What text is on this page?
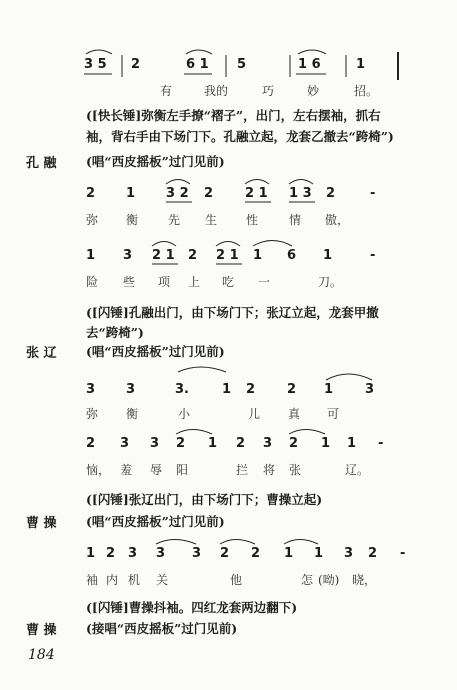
3 5 2	6 1 5	1 6	1
有	我的	巧	妙	招。
([快长锤]弥衡左手撩“褶子”，出门，左右摆袖，抓右
袖，背右手由下场门下。孔融立起，龙套乙撤去“跨椅”)
孔 融 (唱“西皮摇板”过门见前)
2 1 3 2 2 2 1 1 3 2	-
弥 衡 先 生 性	情 傲，
1 3 2 1 2 2 1 1 6 1	-
险 些 项 上 吃 一	刀。
([闪锤]孔融出门，由下场门下；张辽立起，龙套甲撤
去“跨椅”)
张 辽 (唱“西皮摇板”过门见前)
3 3	3.	1 2 2 1 3
弥 衡	小	儿 真 可
2 3 3 2 1 2 3 2 1 1 -
恼， 羞 辱 阳	拦 将 张	辽。
([闪锤]张辽出门，由下场门下；曹操立起)
曹 操 (唱“西皮摇板”过门见前)
1 2 3 3 3 2 2 1 1 3 2 -
袖 内 机 关	他	怎 (呦) 晓，
([闪锤]曹操抖袖。四红龙套两边翻下)
曹 操 (接唱“西皮摇板”过门见前)
184
